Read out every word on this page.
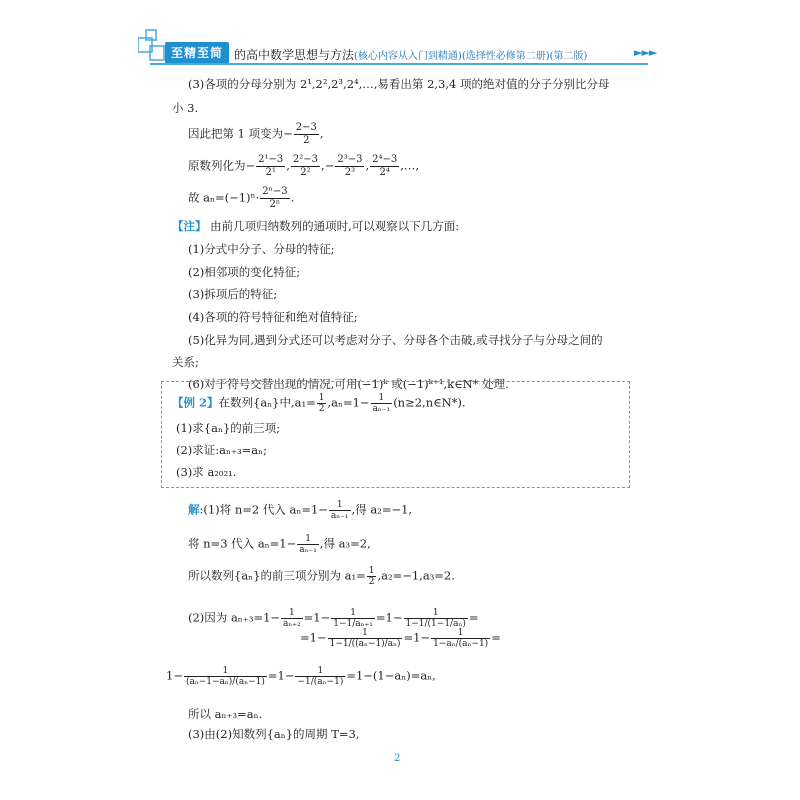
至精至简 的高中数学思想与方法(核心内容从入门到精通)(选择性必修第二册)(第二版)	►►►
(3)各项的分母分别为 2¹,2²,2³,2⁴,…,易看出第 2,3,4 项的绝对值的分子分别比分母
小 3.
因此把第 1 项变为− $\frac{2-3}{2}$ ,
原数列化为− $\frac{\text{2¹−3}}{\text{2¹}}$ , $\frac{\text{2²−3}}{\text{2²}}$ ,− $\frac{\text{2³−3}}{\text{2³}}$ , $\frac{\text{2⁴−3}}{\text{2⁴}}$ ,…,
故 $a_n=(-1)^n\cdot \frac{\text{2ⁿ−3}}{\text{2ⁿ}}$ .
【注】 由前几项归纳数列的通项时,可以观察以下几方面:
(1)分式中分子、分母的特征;
(2)相邻项的变化特征;
(3)拆项后的特征;
(4)各项的符号特征和绝对值特征;
(5)化异为同,遇到分式还可以考虑对分子、分母各个击破,或寻找分子与分母之间的
关系;
(6)对于符号交替出现的情况,可用(−1)ᵏ 或(−1)ᵏ⁺¹,k∈N* 处理.
【例 2】在数列{aₙ}中$,a_1= \frac{1}{2} ,a_n=1- \frac{1}{\text{aₙ₋₁}}$ (n≥2,n∈N*).
(1)求{aₙ}的前三项;
(2)求证:aₙ₊₃=aₙ;
(3)求 a₂₀₂₁.
解:(1)将 n=2 代入 $a_n=1- \frac{1}{\text{aₙ₋₁}}$ ,得 a₂=−1,
将 n=3 代入 $a_n=1- \frac{1}{\text{aₙ₋₁}}$ ,得 a₃=2,
所以数列{aₙ}的前三项分别为 $a_1= \frac{1}{2} ,a_2=-1,a_3=2$.
(2)因为 $a_{n+3}=1- \frac{1}{\text{aₙ₊₂}} =1- \frac{1}{\text{1−1/aₙ₊₁}} =1- \frac{1}{\text{1−1/(1−1/aₙ)}}$ =
$=1- \frac{1}{\text{1−1/((aₙ−1)/aₙ)}} =1- \frac{1}{\text{1−aₙ/(aₙ−1)}}$ =
$1- \frac{1}{\text{(aₙ−1−aₙ)/(aₙ−1)}} =1- \frac{1}{\text{−1/(aₙ−1)}} =1-(1-a_n)=a_n$,
所以 aₙ₊₃=aₙ.
(3)由(2)知数列{aₙ}的周期 T=3,
2
